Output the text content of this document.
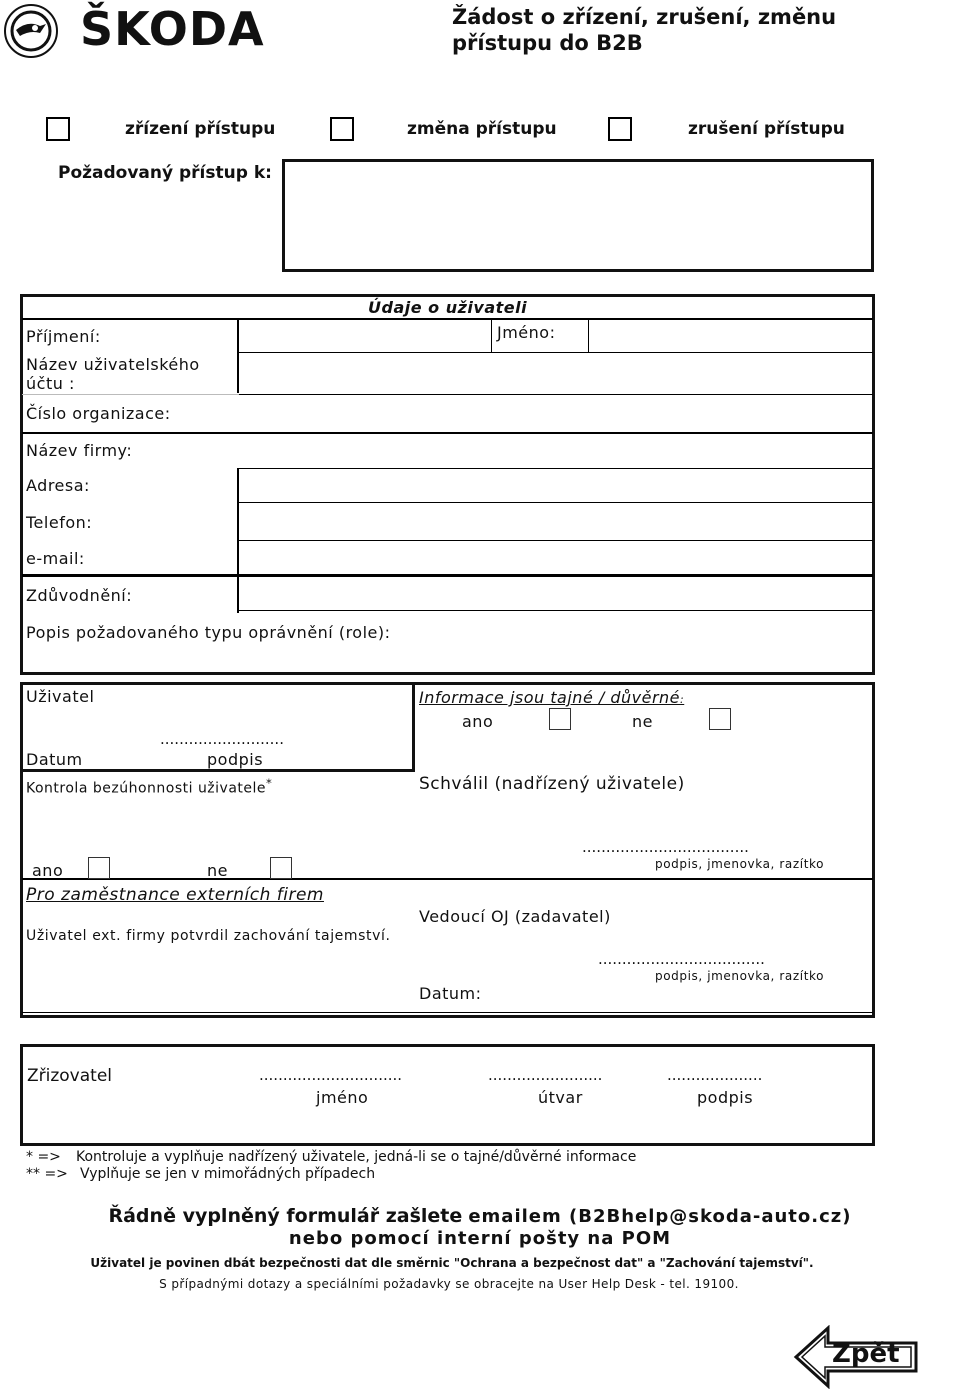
ŠKODA	Žádost o zřízení, zrušení, změnu
přístupu do B2B
zřízení přístupu	změna přístupu	zrušení přístupu
Požadovaný přístup k:
Údaje o uživateli
Příjmení:	Jméno:
Název uživatelského
účtu :
Číslo organizace:
Název firmy:
Adresa:
Telefon:
e-mail:
Zdůvodnění:
Popis požadovaného typu oprávnění (role):
Uživatel
..........................
Datum	podpis
Kontrola bezúhonnosti uživatele*
Informace jsou tajné / důvěrné:
ano	ne
Schválil (nadřízený uživatele)
...................................
podpis, jmenovka, razítko
ano	ne
Pro zaměstnance externích firem
Uživatel ext. firmy potvrdil zachování tajemství.
Vedoucí OJ (zadavatel)
...................................
podpis, jmenovka, razítko
Datum:
Zřizovatel	..............................	........................	....................
jméno	útvar	podpis
* => Kontroluje a vyplňuje nadřízený uživatele, jedná-li se o tajné/důvěrné informace
** => Vyplňuje se jen v mimořádných případech
Řádně vyplněný formulář zašlete emailem (B2Bhelp@skoda-auto.cz)
nebo pomocí interní pošty na POM
Uživatel je povinen dbát bezpečnosti dat dle směrnic "Ochrana a bezpečnost dat" a "Zachování tajemství".
S případnými dotazy a speciálními požadavky se obracejte na User Help Desk - tel. 19100.
Zpět
